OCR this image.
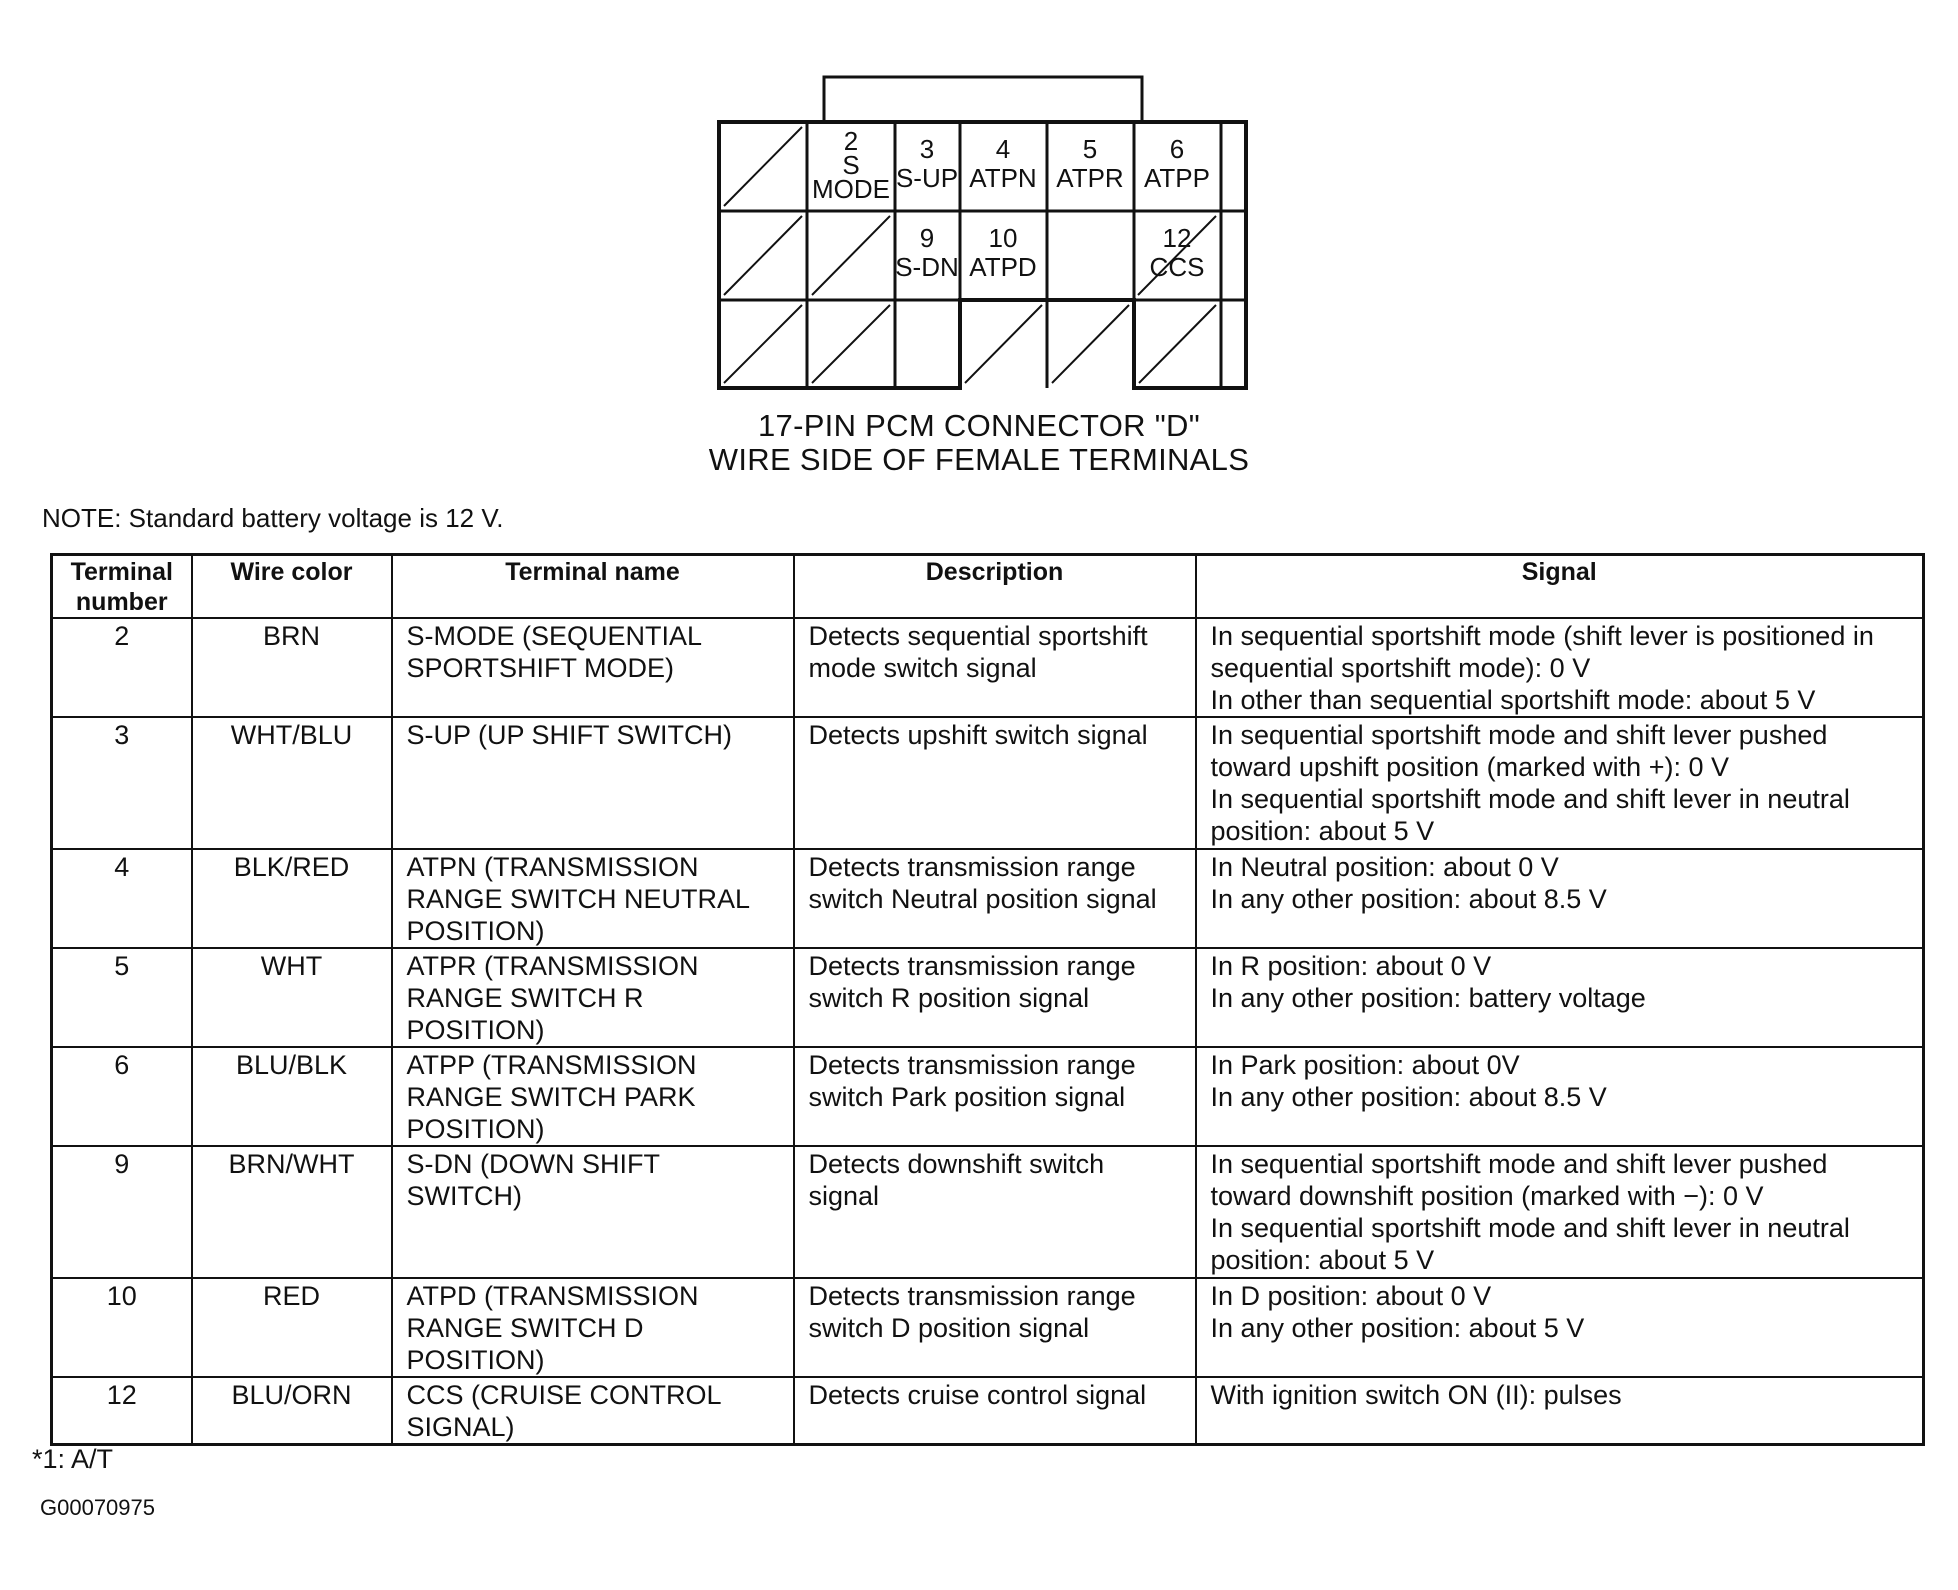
2
S
MODE
3
S-UP
4
ATPN
5
ATPR
6
ATPP
9
S-DN
10
ATPD
12
CCS
17-PIN PCM CONNECTOR "D"
WIRE SIDE OF FEMALE TERMINALS
NOTE: Standard battery voltage is 12 V.
Terminal number	Wire color	Terminal name	Description	Signal
2	BRN	S-MODE (SEQUENTIAL SPORTSHIFT MODE)	Detects sequential sportshift mode switch signal	In sequential sportshift mode (shift lever is positioned in sequential sportshift mode): 0 V
In other than sequential sportshift mode: about 5 V

3	WHT/BLU	S-UP (UP SHIFT SWITCH)	Detects upshift switch signal	In sequential sportshift mode and shift lever pushed toward upshift position (marked with +): 0 V
In sequential sportshift mode and shift lever in neutral position: about 5 V

4	BLK/RED	ATPN (TRANSMISSION RANGE SWITCH NEUTRAL POSITION)	Detects transmission range switch Neutral position signal	In Neutral position: about 0 V
In any other position: about 8.5 V

5	WHT	ATPR (TRANSMISSION RANGE SWITCH R POSITION)	Detects transmission range switch R position signal	In R position: about 0 V
In any other position: battery voltage

6	BLU/BLK	ATPP (TRANSMISSION RANGE SWITCH PARK POSITION)	Detects transmission range switch Park position signal	In Park position: about 0V
In any other position: about 8.5 V

9	BRN/WHT	S-DN (DOWN SHIFT SWITCH)	Detects downshift switch signal	In sequential sportshift mode and shift lever pushed toward downshift position (marked with −): 0 V
In sequential sportshift mode and shift lever in neutral position: about 5 V

10	RED	ATPD (TRANSMISSION RANGE SWITCH D POSITION)	Detects transmission range switch D position signal	In D position: about 0 V
In any other position: about 5 V

12	BLU/ORN	CCS (CRUISE CONTROL SIGNAL)	Detects cruise control signal	With ignition switch ON (II): pulses
*1: A/T
G00070975
